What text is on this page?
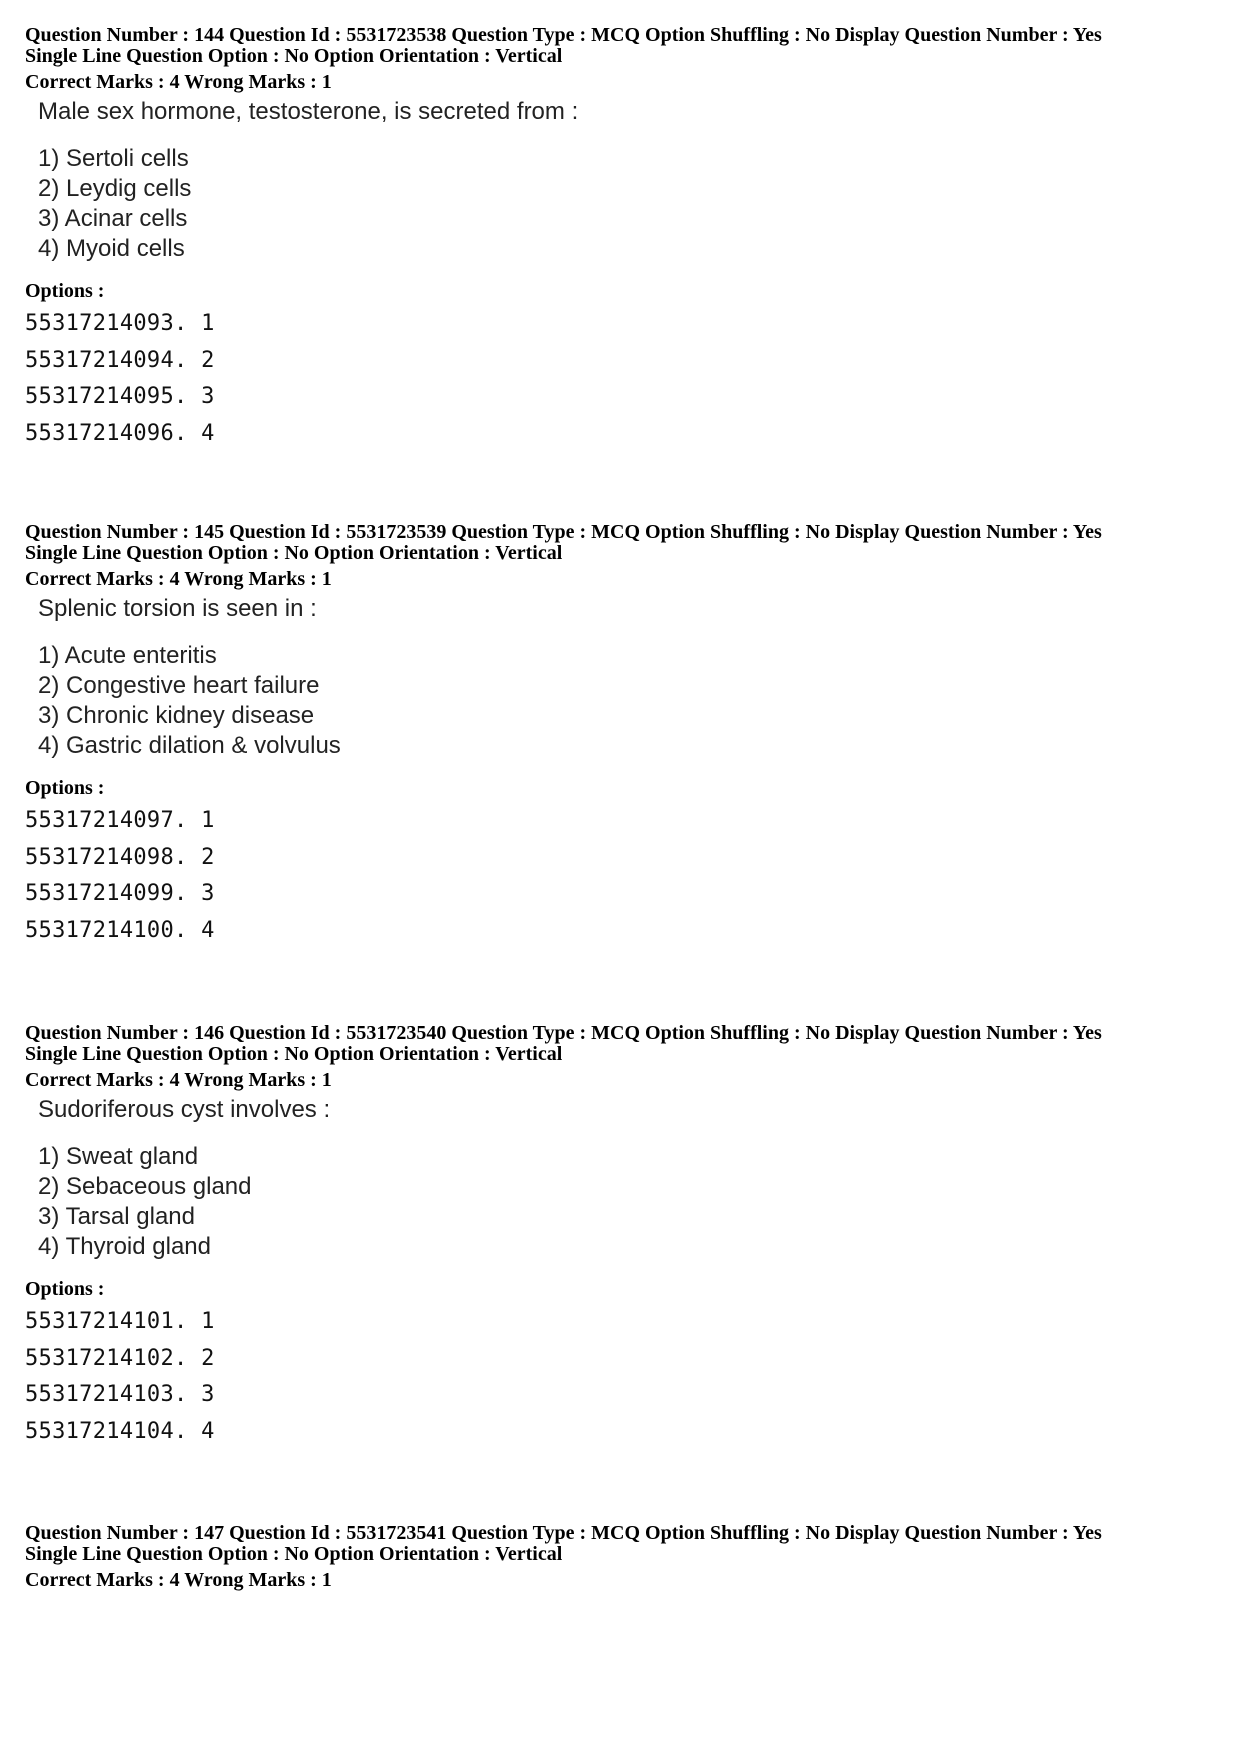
Question Number : 144 Question Id : 5531723538 Question Type : MCQ Option Shuffling : No Display Question Number : Yes
Single Line Question Option : No Option Orientation : Vertical
Correct Marks : 4 Wrong Marks : 1
Male sex hormone, testosterone, is secreted from :
1) Sertoli cells
2) Leydig cells
3) Acinar cells
4) Myoid cells
Options :
55317214093. 1
55317214094. 2
55317214095. 3
55317214096. 4
Question Number : 145 Question Id : 5531723539 Question Type : MCQ Option Shuffling : No Display Question Number : Yes
Single Line Question Option : No Option Orientation : Vertical
Correct Marks : 4 Wrong Marks : 1
Splenic torsion is seen in :
1) Acute enteritis
2) Congestive heart failure
3) Chronic kidney disease
4) Gastric dilation & volvulus
Options :
55317214097. 1
55317214098. 2
55317214099. 3
55317214100. 4
Question Number : 146 Question Id : 5531723540 Question Type : MCQ Option Shuffling : No Display Question Number : Yes
Single Line Question Option : No Option Orientation : Vertical
Correct Marks : 4 Wrong Marks : 1
Sudoriferous cyst involves :
1) Sweat gland
2) Sebaceous gland
3) Tarsal gland
4) Thyroid gland
Options :
55317214101. 1
55317214102. 2
55317214103. 3
55317214104. 4
Question Number : 147 Question Id : 5531723541 Question Type : MCQ Option Shuffling : No Display Question Number : Yes
Single Line Question Option : No Option Orientation : Vertical
Correct Marks : 4 Wrong Marks : 1
